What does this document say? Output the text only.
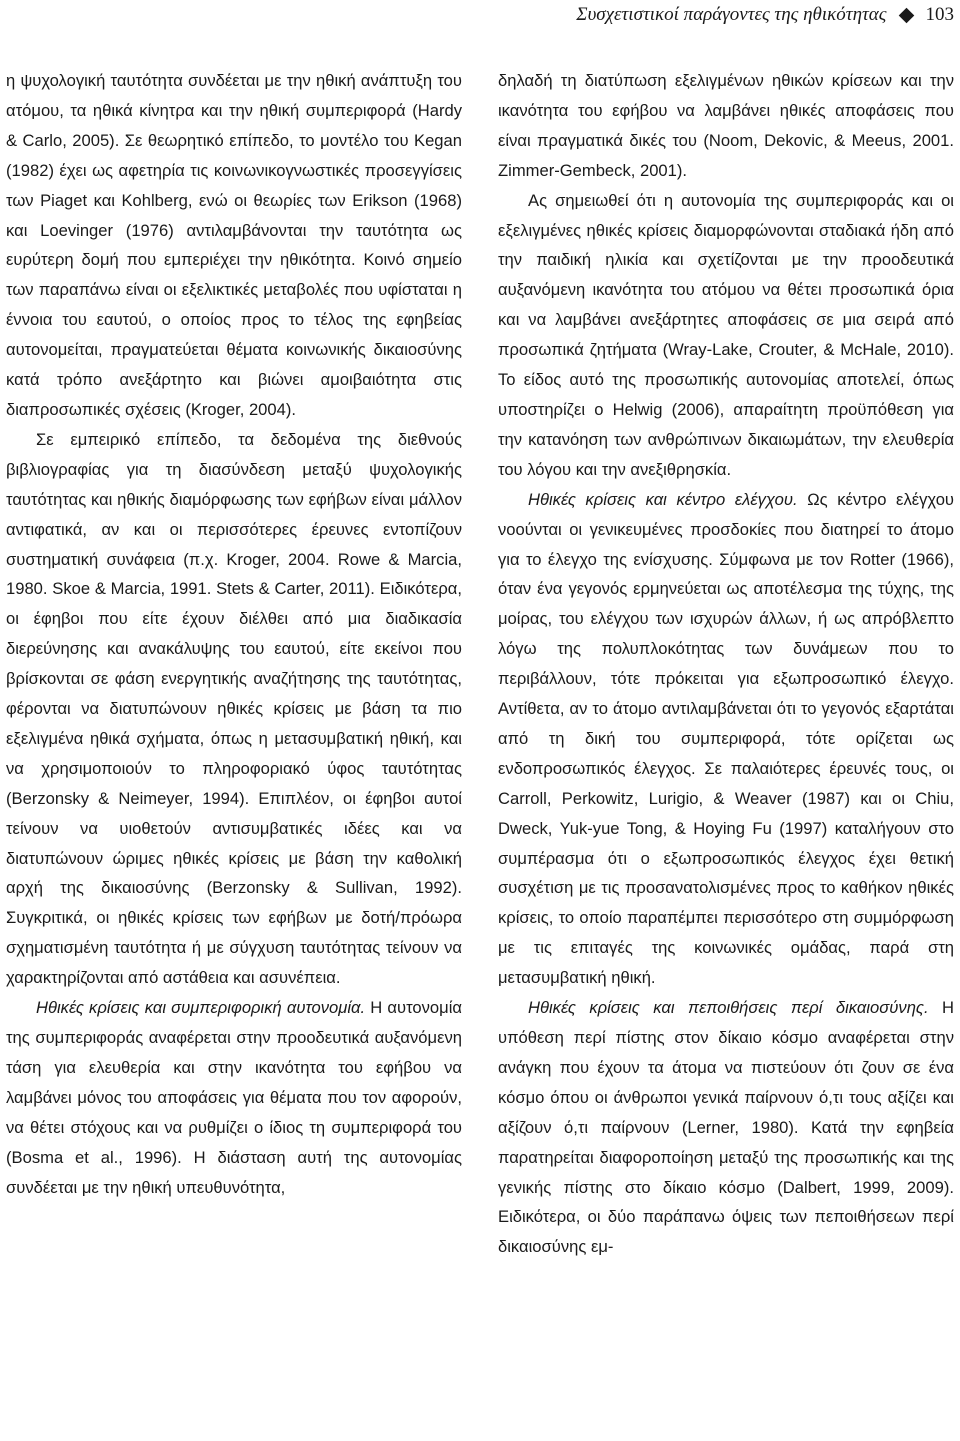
Συσχετιστικοί παράγοντες της ηθικότητας 103

η ψυχολογική ταυτότητα συνδέεται με την ηθική ανάπτυξη του ατόμου, τα ηθικά κίνητρα και την ηθική συμπεριφορά (Hardy & Carlo, 2005). Σε θεωρητικό επίπεδο, το μοντέλο του Kegan (1982) έχει ως αφετηρία τις κοινωνικογνωστικές προσεγγίσεις των Piaget και Kohlberg, ενώ οι θεωρίες των Erikson (1968) και Loevinger (1976) αντιλαμβάνονται την ταυτότητα ως ευρύτερη δομή που εμπεριέχει την ηθικότητα. Κοινό σημείο των παραπάνω είναι οι εξελικτικές μεταβολές που υφίσταται η έννοια του εαυτού, ο οποίος προς το τέλος της εφηβείας αυτονομείται, πραγματεύεται θέματα κοινωνικής δικαιοσύνης κατά τρόπο ανεξάρτητο και βιώνει αμοιβαιότητα στις διαπροσωπικές σχέσεις (Kroger, 2004).

Σε εμπειρικό επίπεδο, τα δεδομένα της διεθνούς βιβλιογραφίας για τη διασύνδεση μεταξύ ψυχολογικής ταυτότητας και ηθικής διαμόρφωσης των εφήβων είναι μάλλον αντιφατικά, αν και οι περισσότερες έρευνες εντοπίζουν συστηματική συνάφεια (π.χ. Kroger, 2004. Rowe & Marcia, 1980. Skoe & Marcia, 1991. Stets & Carter, 2011). Ειδικότερα, οι έφηβοι που είτε έχουν διέλθει από μια διαδικασία διερεύνησης και ανακάλυψης του εαυτού, είτε εκείνοι που βρίσκονται σε φάση ενεργητικής αναζήτησης της ταυτότητας, φέρονται να διατυπώνουν ηθικές κρίσεις με βάση τα πιο εξελιγμένα ηθικά σχήματα, όπως η μετασυμβατική ηθική, και να χρησιμοποιούν το πληροφοριακό ύφος ταυτότητας (Berzonsky & Neimeyer, 1994). Επιπλέον, οι έφηβοι αυτοί τείνουν να υιοθετούν αντισυμβατικές ιδέες και να διατυπώνουν ώριμες ηθικές κρίσεις με βάση την καθολική αρχή της δικαιοσύνης (Berzonsky & Sullivan, 1992). Συγκριτικά, οι ηθικές κρίσεις των εφήβων με δοτή/πρόωρα σχηματισμένη ταυτότητα ή με σύγχυση ταυτότητας τείνουν να χαρακτηρίζονται από αστάθεια και ασυνέπεια.

Ηθικές κρίσεις και συμπεριφορική αυτονομία. Η αυτονομία της συμπεριφοράς αναφέρεται στην προοδευτικά αυξανόμενη τάση για ελευθερία και στην ικανότητα του εφήβου να λαμβάνει μόνος του αποφάσεις για θέματα που τον αφορούν, να θέτει στόχους και να ρυθμίζει ο ίδιος τη συμπεριφορά του (Bosma et al., 1996). Η διάσταση αυτή της αυτονομίας συνδέεται με την ηθική υπευθυνότητα,

δηλαδή τη διατύπωση εξελιγμένων ηθικών κρίσεων και την ικανότητα του εφήβου να λαμβάνει ηθικές αποφάσεις που είναι πραγματικά δικές του (Noom, Dekovic, & Meeus, 2001. Zimmer-Gembeck, 2001).

Ας σημειωθεί ότι η αυτονομία της συμπεριφοράς και οι εξελιγμένες ηθικές κρίσεις διαμορφώνονται σταδιακά ήδη από την παιδική ηλικία και σχετίζονται με την προοδευτικά αυξανόμενη ικανότητα του ατόμου να θέτει προσωπικά όρια και να λαμβάνει ανεξάρτητες αποφάσεις σε μια σειρά από προσωπικά ζητήματα (Wray-Lake, Crouter, & McHale, 2010). Το είδος αυτό της προσωπικής αυτονομίας αποτελεί, όπως υποστηρίζει ο Helwig (2006), απαραίτητη προϋπόθεση για την κατανόηση των ανθρώπινων δικαιωμάτων, την ελευθερία του λόγου και την ανεξιθρησκία.

Ηθικές κρίσεις και κέντρο ελέγχου. Ως κέντρο ελέγχου νοούνται οι γενικευμένες προσδοκίες που διατηρεί το άτομο για το έλεγχο της ενίσχυσης. Σύμφωνα με τον Rotter (1966), όταν ένα γεγονός ερμηνεύεται ως αποτέλεσμα της τύχης, της μοίρας, του ελέγχου των ισχυρών άλλων, ή ως απρόβλεπτο λόγω της πολυπλοκότητας των δυνάμεων που το περιβάλλουν, τότε πρόκειται για εξωπροσωπικό έλεγχο. Αντίθετα, αν το άτομο αντιλαμβάνεται ότι το γεγονός εξαρτάται από τη δική του συμπεριφορά, τότε ορίζεται ως ενδοπροσωπικός έλεγχος. Σε παλαιότερες έρευνές τους, οι Carroll, Perkowitz, Lurigio, & Weaver (1987) και οι Chiu, Dweck, Yuk-yue Tong, & Hoying Fu (1997) καταλήγουν στο συμπέρασμα ότι ο εξωπροσωπικός έλεγχος έχει θετική συσχέτιση με τις προσανατολισμένες προς το καθήκον ηθικές κρίσεις, το οποίο παραπέμπει περισσότερο στη συμμόρφωση με τις επιταγές της κοινωνικές ομάδας, παρά στη μετασυμβατική ηθική.

Ηθικές κρίσεις και πεποιθήσεις περί δικαιοσύνης. Η υπόθεση περί πίστης στον δίκαιο κόσμο αναφέρεται στην ανάγκη που έχουν τα άτομα να πιστεύουν ότι ζουν σε ένα κόσμο όπου οι άνθρωποι γενικά παίρνουν ό,τι τους αξίζει και αξίζουν ό,τι παίρνουν (Lerner, 1980). Κατά την εφηβεία παρατηρείται διαφοροποίηση μεταξύ της προσωπικής και της γενικής πίστης στο δίκαιο κόσμο (Dalbert, 1999, 2009). Ειδικότερα, οι δύο παράπανω όψεις των πεποιθήσεων περί δικαιοσύνης εμ-
